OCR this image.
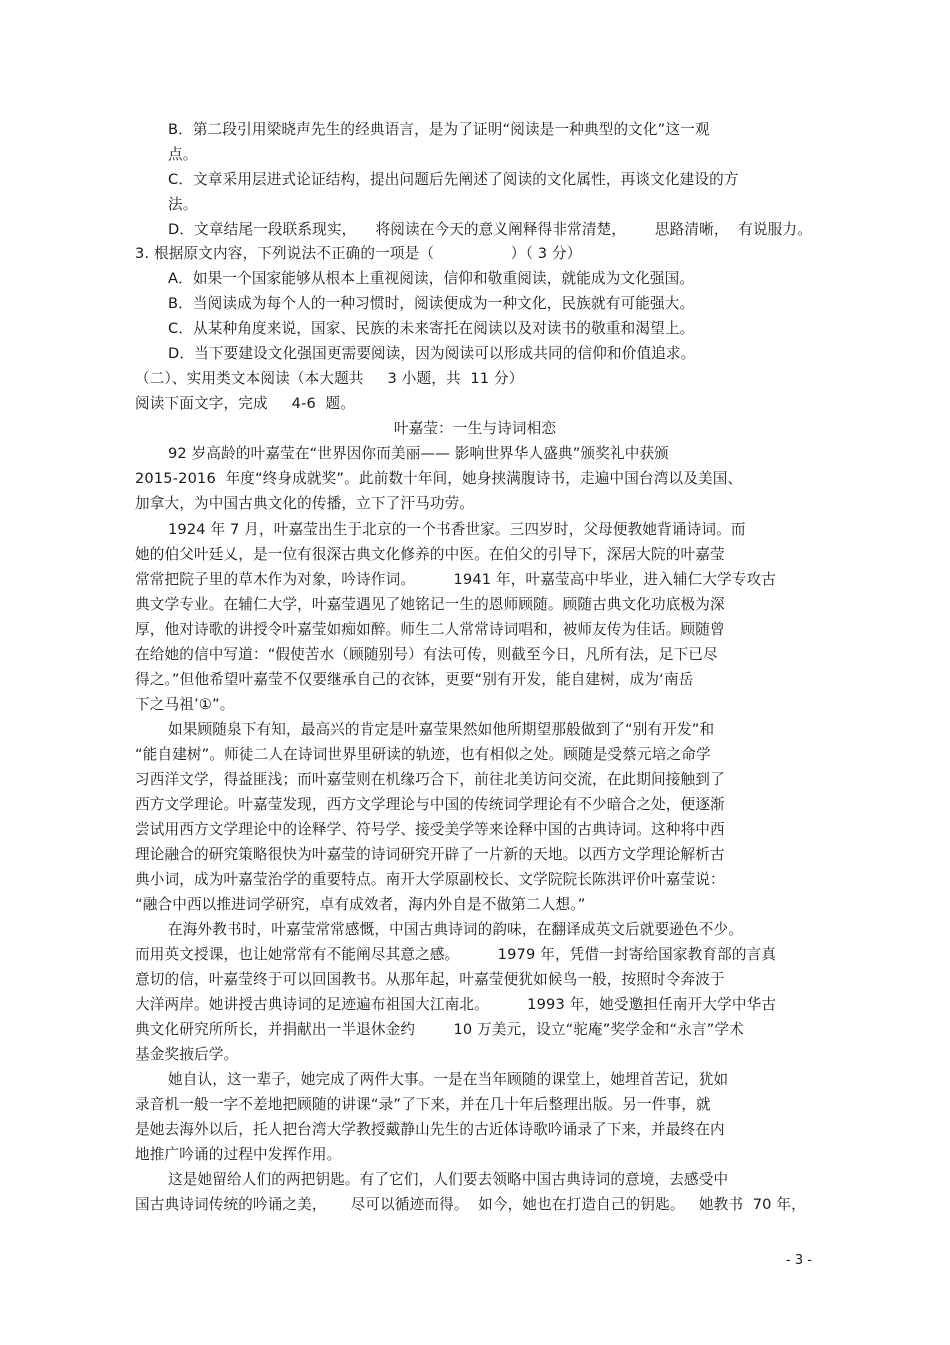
B．第二段引用梁晓声先生的经典语言，是为了证明“阅读是一种典型的文化”这一观
点。
C．文章采用层进式论证结构，提出问题后先阐述了阅读的文化属性，再谈文化建设的方
法。
D．文章结尾一段联系现实，    将阅读在今天的意义阐释得非常清楚，      思路清晰，  有说服力。
3. 根据原文内容，下列说法不正确的一项是（                ）（ 3 分）
A．如果一个国家能够从根本上重视阅读，信仰和敬重阅读，就能成为文化强国。
B．当阅读成为每个人的一种习惯时，阅读便成为一种文化，民族就有可能强大。
C．从某种角度来说，国家、民族的未来寄托在阅读以及对读书的敬重和渴望上。
D．当下要建设文化强国更需要阅读，因为阅读可以形成共同的信仰和价值追求。
（二）、实用类文本阅读（本大题共     3 小题，共  11 分）
阅读下面文字，完成     4-6  题。
叶嘉莹：一生与诗词相恋
92 岁高龄的叶嘉莹在“世界因你而美丽—— 影响世界华人盛典”颁奖礼中获颁
2015-2016  年度“终身成就奖”。此前数十年间，她身挟满腹诗书，走遍中国台湾以及美国、
加拿大，为中国古典文化的传播，立下了汗马功劳。
1924 年 7 月，叶嘉莹出生于北京的一个书香世家。三四岁时，父母便教她背诵诗词。而
她的伯父叶廷乂，是一位有很深古典文化修养的中医。在伯父的引导下，深居大院的叶嘉莹
常常把院子里的草木作为对象，吟诗作词。        1941 年，叶嘉莹高中毕业，进入辅仁大学专攻古
典文学专业。在辅仁大学，叶嘉莹遇见了她铭记一生的恩师顾随。顾随古典文化功底极为深
厚，他对诗歌的讲授令叶嘉莹如痴如醉。师生二人常常诗词唱和，被师友传为佳话。顾随曾
在给她的信中写道：“假使苦水（顾随别号）有法可传，则截至今日，凡所有法，足下已尽
得之。”但他希望叶嘉莹不仅要继承自己的衣钵，更要“别有开发，能自建树，成为‘南岳
下之马祖’①”。
如果顾随泉下有知，最高兴的肯定是叶嘉莹果然如他所期望那般做到了“别有开发”和
“能自建树”。师徒二人在诗词世界里研读的轨迹，也有相似之处。顾随是受蔡元培之命学
习西洋文学，得益匪浅；而叶嘉莹则在机缘巧合下，前往北美访问交流，在此期间接触到了
西方文学理论。叶嘉莹发现，西方文学理论与中国的传统词学理论有不少暗合之处，便逐渐
尝试用西方文学理论中的诠释学、符号学、接受美学等来诠释中国的古典诗词。这种将中西
理论融合的研究策略很快为叶嘉莹的诗词研究开辟了一片新的天地。以西方文学理论解析古
典小词，成为叶嘉莹治学的重要特点。南开大学原副校长、文学院院长陈洪评价叶嘉莹说：
“融合中西以推进词学研究，卓有成效者，海内外自是不做第二人想。”
在海外教书时，叶嘉莹常常感慨，中国古典诗词的韵味，在翻译成英文后就要逊色不少。
而用英文授课，也让她常常有不能阐尽其意之感。        1979 年，凭借一封寄给国家教育部的言真
意切的信，叶嘉莹终于可以回国教书。从那年起，叶嘉莹便犹如候鸟一般，按照时令奔波于
大洋两岸。她讲授古典诗词的足迹遍布祖国大江南北。        1993 年，她受邀担任南开大学中华古
典文化研究所所长，并捐献出一半退休金约        10 万美元，设立“驼庵”奖学金和“永言”学术
基金奖掖后学。
她自认，这一辈子，她完成了两件大事。一是在当年顾随的课堂上，她埋首苦记，犹如
录音机一般一字不差地把顾随的讲课“录”了下来，并在几十年后整理出版。另一件事，就
是她去海外以后，托人把台湾大学教授戴静山先生的古近体诗歌吟诵录了下来，并最终在内
地推广吟诵的过程中发挥作用。
这是她留给人们的两把钥匙。有了它们，人们要去领略中国古典诗词的意境，去感受中
国古典诗词传统的吟诵之美，     尽可以循迹而得。  如今，她也在打造自己的钥匙。   她教书  70 年，
- 3 -
